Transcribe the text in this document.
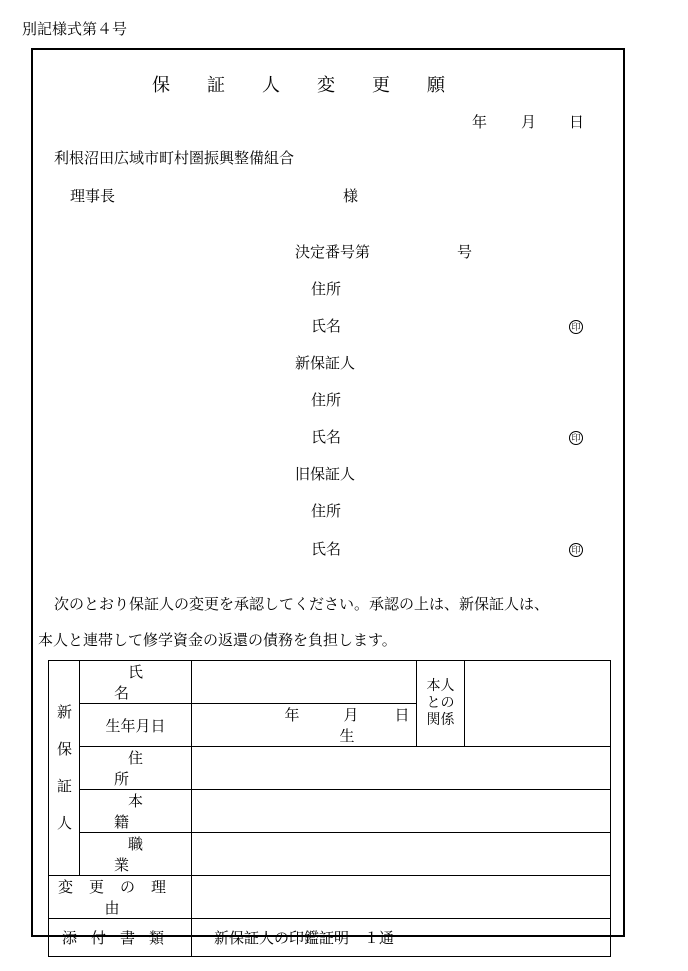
別記様式第４号
保証人変更願
年 月 日
利根沼田広域市町村圏振興整備組合
理事長	様
決定番号第	号
住所
氏名	印
新保証人
住所
氏名	印
旧保証人
住所
氏名	印
次のとおり保証人の変更を承認してください。承認の上は、新保証人は、
本人と連帯して修学資金の返還の債務を負担します。
新保証人	氏名		本人との関係	

	生年月日	年 月 日生		
	住所			
	本籍			
	職業			
変更の理由				
添付書類		新保証人の印鑑証明　１通		
